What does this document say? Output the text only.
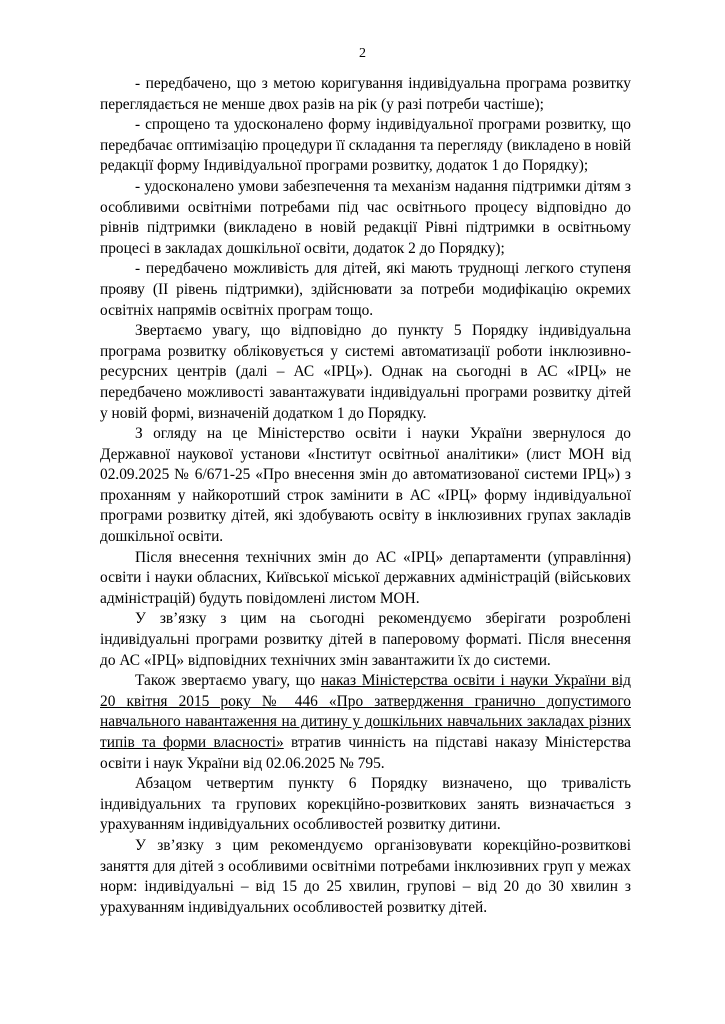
2

- передбачено, що з метою коригування індивідуальна програма розвитку переглядається не менше двох разів на рік (у разі потреби частіше);

- спрощено та удосконалено форму індивідуальної програми розвитку, що передбачає оптимізацію процедури її складання та перегляду (викладено в новій редакції форму Індивідуальної програми розвитку, додаток 1 до Порядку);

- удосконалено умови забезпечення та механізм надання підтримки дітям з особливими освітніми потребами під час освітнього процесу відповідно до рівнів підтримки (викладено в новій редакції Рівні підтримки в освітньому процесі в закладах дошкільної освіти, додаток 2 до Порядку);

- передбачено можливість для дітей, які мають труднощі легкого ступеня прояву (ІІ рівень підтримки), здійснювати за потреби модифікацію окремих освітніх напрямів освітніх програм тощо.

Звертаємо увагу, що відповідно до пункту 5 Порядку індивідуальна програма розвитку обліковується у системі автоматизації роботи інклюзивно-ресурсних центрів (далі – АС «ІРЦ»). Однак на сьогодні в АС «ІРЦ» не передбачено можливості завантажувати індивідуальні програми розвитку дітей у новій формі, визначеній додатком 1 до Порядку.

З огляду на це Міністерство освіти і науки України звернулося до Державної наукової установи «Інститут освітньої аналітики» (лист МОН від 02.09.2025 № 6/671-25 «Про внесення змін до автоматизованої системи ІРЦ») з проханням у найкоротший строк замінити в АС «ІРЦ» форму індивідуальної програми розвитку дітей, які здобувають освіту в інклюзивних групах закладів дошкільної освіти.

Після внесення технічних змін до АС «ІРЦ» департаменти (управління) освіти і науки обласних, Київської міської державних адміністрацій (військових адміністрацій) будуть повідомлені листом МОН.

У зв’язку з цим на сьогодні рекомендуємо зберігати розроблені індивідуальні програми розвитку дітей в паперовому форматі. Після внесення до АС «ІРЦ» відповідних технічних змін завантажити їх до системи.

Також звертаємо увагу, що наказ Міністерства освіти і науки України від 20 квітня 2015 року № 446 «Про затвердження гранично допустимого навчального навантаження на дитину у дошкільних навчальних закладах різних типів та форми власності» втратив чинність на підставі наказу Міністерства освіти і наук України від 02.06.2025 № 795.

Абзацом четвертим пункту 6 Порядку визначено, що тривалість індивідуальних та групових корекційно-розвиткових занять визначається з урахуванням індивідуальних особливостей розвитку дитини.

У зв’язку з цим рекомендуємо організовувати корекційно-розвиткові заняття для дітей з особливими освітніми потребами інклюзивних груп у межах норм: індивідуальні – від 15 до 25 хвилин, групові – від 20 до 30 хвилин з урахуванням індивідуальних особливостей розвитку дітей.
